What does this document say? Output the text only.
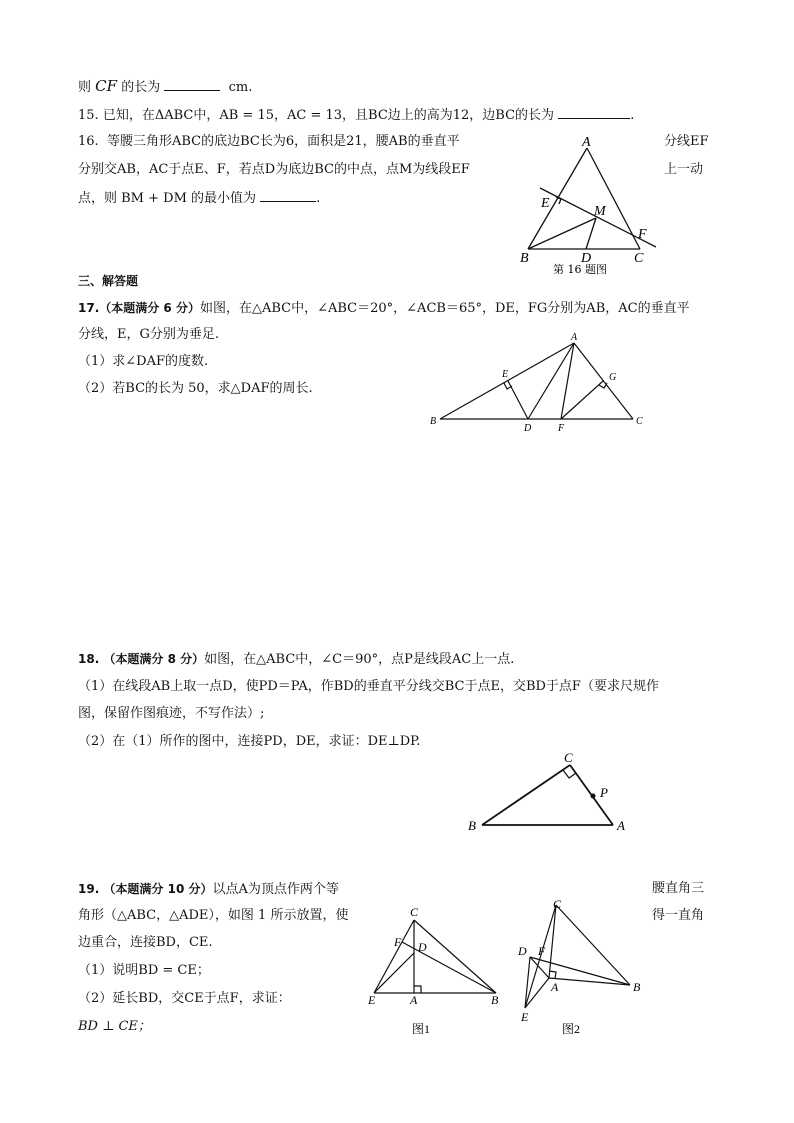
则 CF 的长为	cm.
15. 已知，在ΔABC中，AB = 15，AC = 13，且BC边上的高为12，边BC的长为	.
16. 等腰三角形ABC的底边BC长为6，面积是21，腰AB的垂直平	分线EF
分别交AB，AC于点E、F，若点D为底边BC的中点，点M为线段EF	上一动
点，则 BM + DM 的最小值为	.
A
B	C
D
E
F
M
第 16 题图
三、解答题
17.（本题满分 6 分）如图，在△ABC中，∠ABC＝20°，∠ACB＝65°，DE，FG分别为AB，AC的垂直平
分线，E，G分别为垂足.
（1）求∠DAF的度数.
（2）若BC的长为 50，求△DAF的周长.
A
B	C
D
E
F
G
18. （本题满分 8 分）如图，在△ABC中，∠C＝90°，点P是线段AC上一点.
（1）在线段AB上取一点D，使PD＝PA，作BD的垂直平分线交BC于点E，交BD于点F（要求尺规作
图，保留作图痕迹，不写作法）;
（2）在（1）所作的图中，连接PD，DE，求证：DE⊥DP.
C
B	A
P
19. （本题满分 10 分）以点A为顶点作两个等	腰直角三
角形（△ABC，△ADE），如图 1 所示放置，使	得一直角
边重合，连接BD，CE.
（1）说明BD = CE；
（2）延长BD，交CE于点F，求证：
BD ⊥ CE；
C
F D
E	A	B
图1
C
D F
A	B
E
图2
